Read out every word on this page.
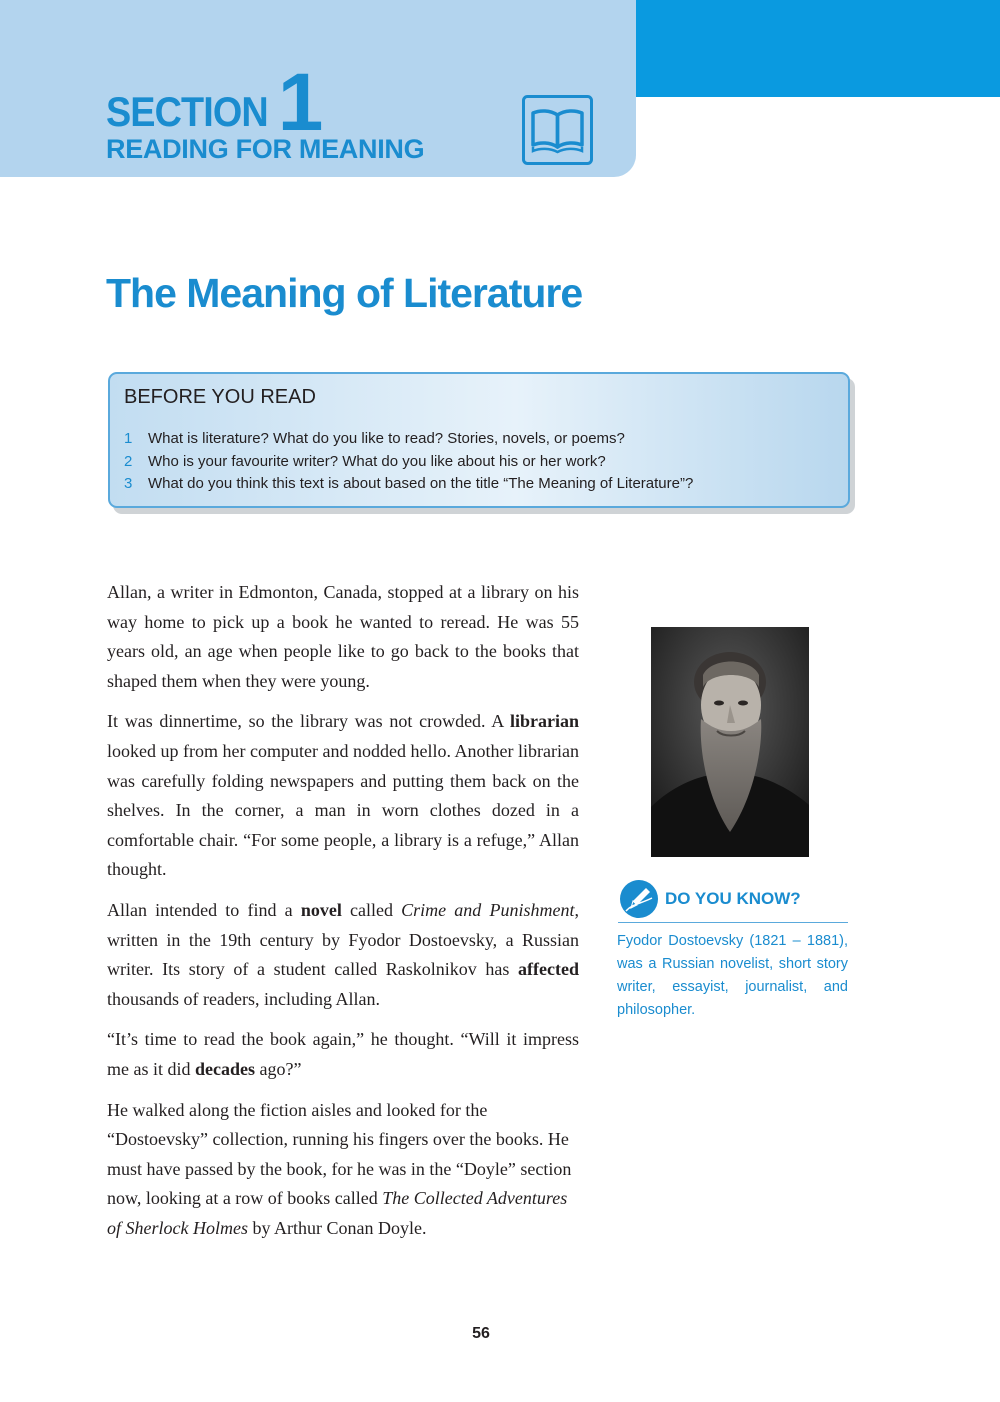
SECTION 1
READING FOR MEANING
The Meaning of Literature
BEFORE YOU READ
1 What is literature? What do you like to read? Stories, novels, or poems?
2 Who is your favourite writer? What do you like about his or her work?
3 What do you think this text is about based on the title “The Meaning of Literature”?

Allan, a writer in Edmonton, Canada, stopped at a library on his way home to pick up a book he wanted to reread. He was 55 years old, an age when people like to go back to the books that shaped them when they were young.

It was dinnertime, so the library was not crowded. A librarian looked up from her computer and nodded hello. Another librarian was carefully folding newspapers and putting them back on the shelves. In the corner, a man in worn clothes dozed in a comfortable chair. “For some people, a library is a refuge,” Allan thought.

Allan intended to find a novel called Crime and Punishment, written in the 19th century by Fyodor Dostoevsky, a Russian writer. Its story of a student called Raskolnikov has affected thousands of readers, including Allan.

“It’s time to read the book again,” he thought. “Will it impress me as it did decades ago?”

He walked along the fiction aisles and looked for the “Dostoevsky” collection, running his fingers over the books. He must have passed by the book, for he was in the “Doyle” section now, looking at a row of books called The Collected Adventures of Sherlock Holmes by Arthur Conan Doyle.

DO YOU KNOW?
Fyodor Dostoevsky (1821 – 1881), was a Russian novelist, short story writer, essayist, journalist, and philosopher.
56
